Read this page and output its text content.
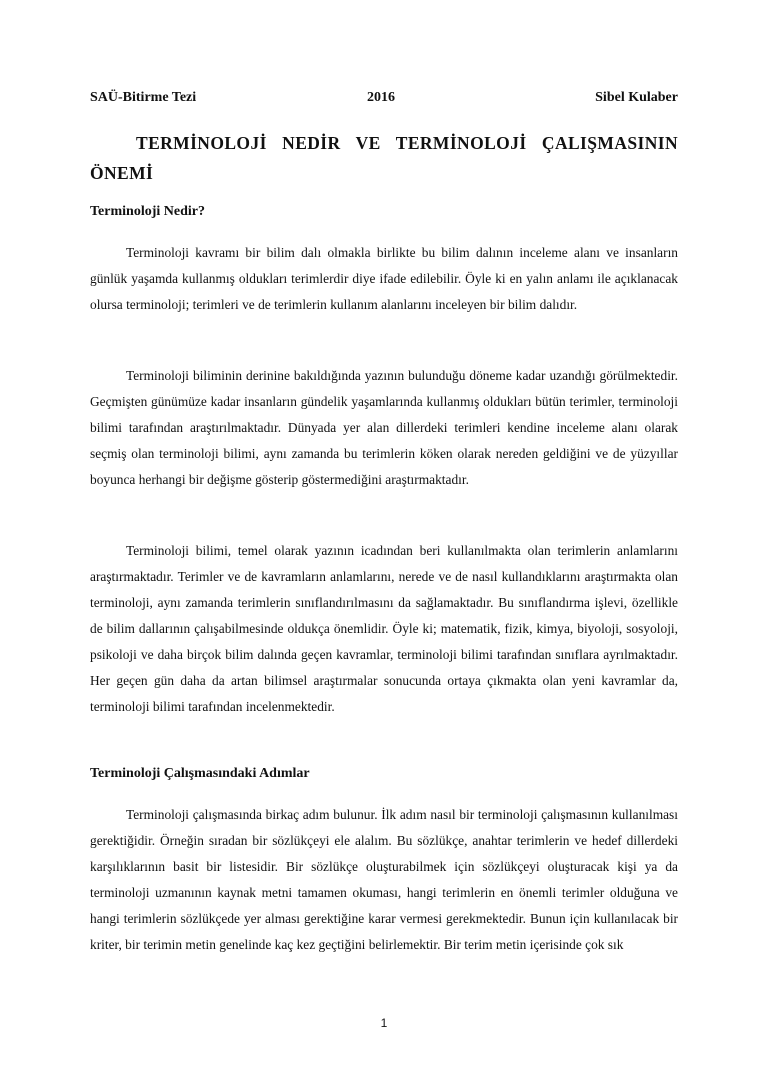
SAÜ-Bitirme Tezi	2016	Sibel Kulaber
TERMİNOLOJİ NEDİR VE TERMİNOLOJİ ÇALIŞMASININ ÖNEMİ
Terminoloji Nedir?

Terminoloji kavramı bir bilim dalı olmakla birlikte bu bilim dalının inceleme alanı ve insanların günlük yaşamda kullanmış oldukları terimlerdir diye ifade edilebilir. Öyle ki en yalın anlamı ile açıklanacak olursa terminoloji; terimleri ve de terimlerin kullanım alanlarını inceleyen bir bilim dalıdır.

Terminoloji biliminin derinine bakıldığında yazının bulunduğu döneme kadar uzandığı görülmektedir. Geçmişten günümüze kadar insanların gündelik yaşamlarında kullanmış oldukları bütün terimler, terminoloji bilimi tarafından araştırılmaktadır. Dünyada yer alan dillerdeki terimleri kendine inceleme alanı olarak seçmiş olan terminoloji bilimi, aynı zamanda bu terimlerin köken olarak nereden geldiğini ve de yüzyıllar boyunca herhangi bir değişme gösterip göstermediğini araştırmaktadır.

Terminoloji bilimi, temel olarak yazının icadından beri kullanılmakta olan terimlerin anlamlarını araştırmaktadır. Terimler ve de kavramların anlamlarını, nerede ve de nasıl kullandıklarını araştırmakta olan terminoloji, aynı zamanda terimlerin sınıflandırılmasını da sağlamaktadır. Bu sınıflandırma işlevi, özellikle de bilim dallarının çalışabilmesinde oldukça önemlidir. Öyle ki; matematik, fizik, kimya, biyoloji, sosyoloji, psikoloji ve daha birçok bilim dalında geçen kavramlar, terminoloji bilimi tarafından sınıflara ayrılmaktadır. Her geçen gün daha da artan bilimsel araştırmalar sonucunda ortaya çıkmakta olan yeni kavramlar da, terminoloji bilimi tarafından incelenmektedir.

Terminoloji Çalışmasındaki Adımlar

Terminoloji çalışmasında birkaç adım bulunur. İlk adım nasıl bir terminoloji çalışmasının kullanılması gerektiğidir. Örneğin sıradan bir sözlükçeyi ele alalım. Bu sözlükçe, anahtar terimlerin ve hedef dillerdeki karşılıklarının basit bir listesidir. Bir sözlükçe oluşturabilmek için sözlükçeyi oluşturacak kişi ya da terminoloji uzmanının kaynak metni tamamen okuması, hangi terimlerin en önemli terimler olduğuna ve hangi terimlerin sözlükçede yer alması gerektiğine karar vermesi gerekmektedir. Bunun için kullanılacak bir kriter, bir terimin metin genelinde kaç kez geçtiğini belirlemektir. Bir terim metin içerisinde çok sık

1
